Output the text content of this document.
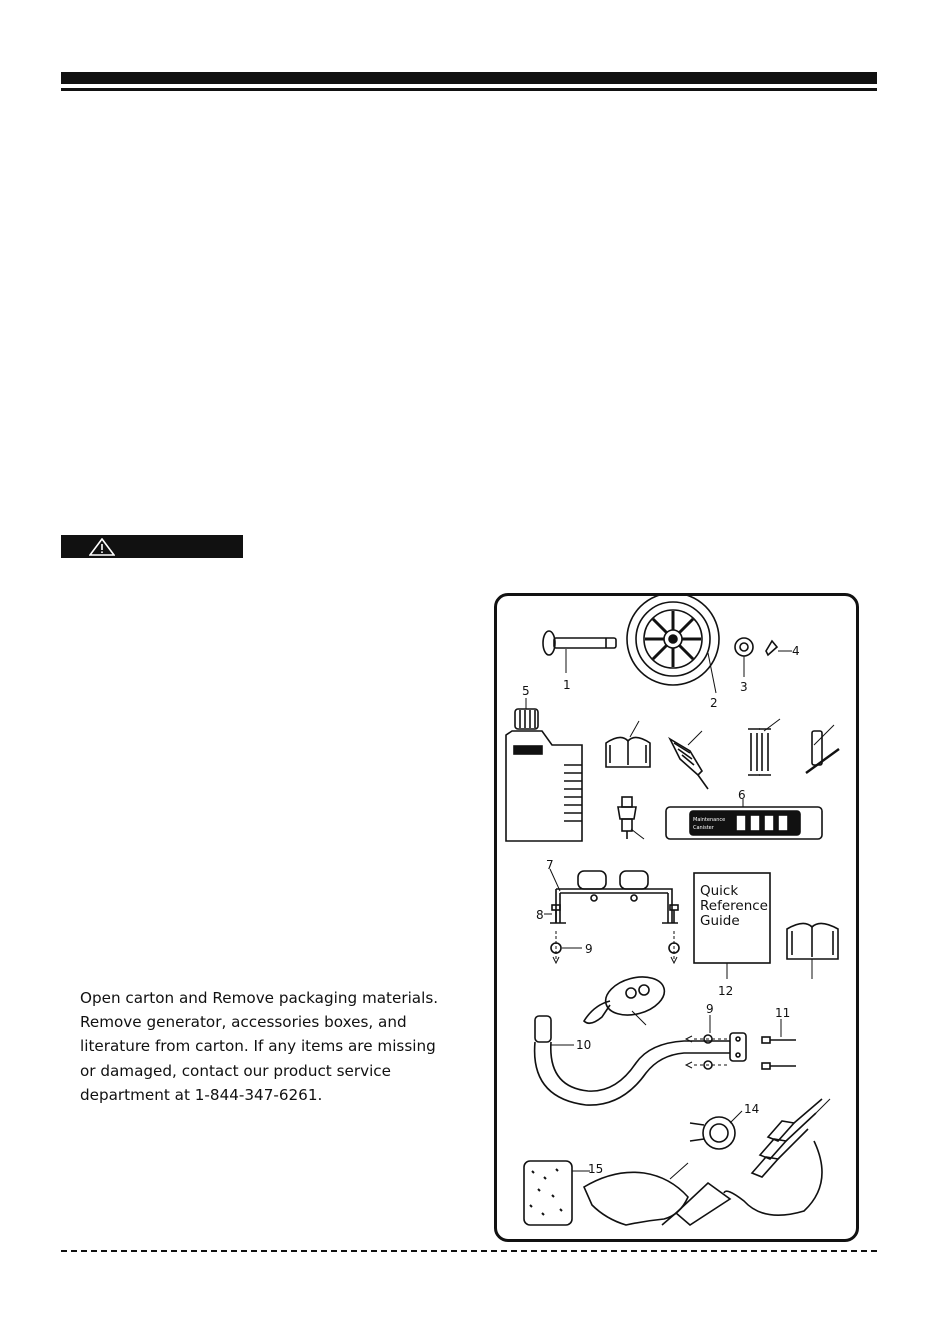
Open carton and Remove packaging materials.
Remove generator, accessories boxes, and
literature from carton. If any items are missing
or damaged, contact our product service
department at 1-844-347-6261.
Maintenance
Canister
Quick
Reference
Guide
1
2
3
4
5
6
7
8
9
9
10
11
12
14
15
